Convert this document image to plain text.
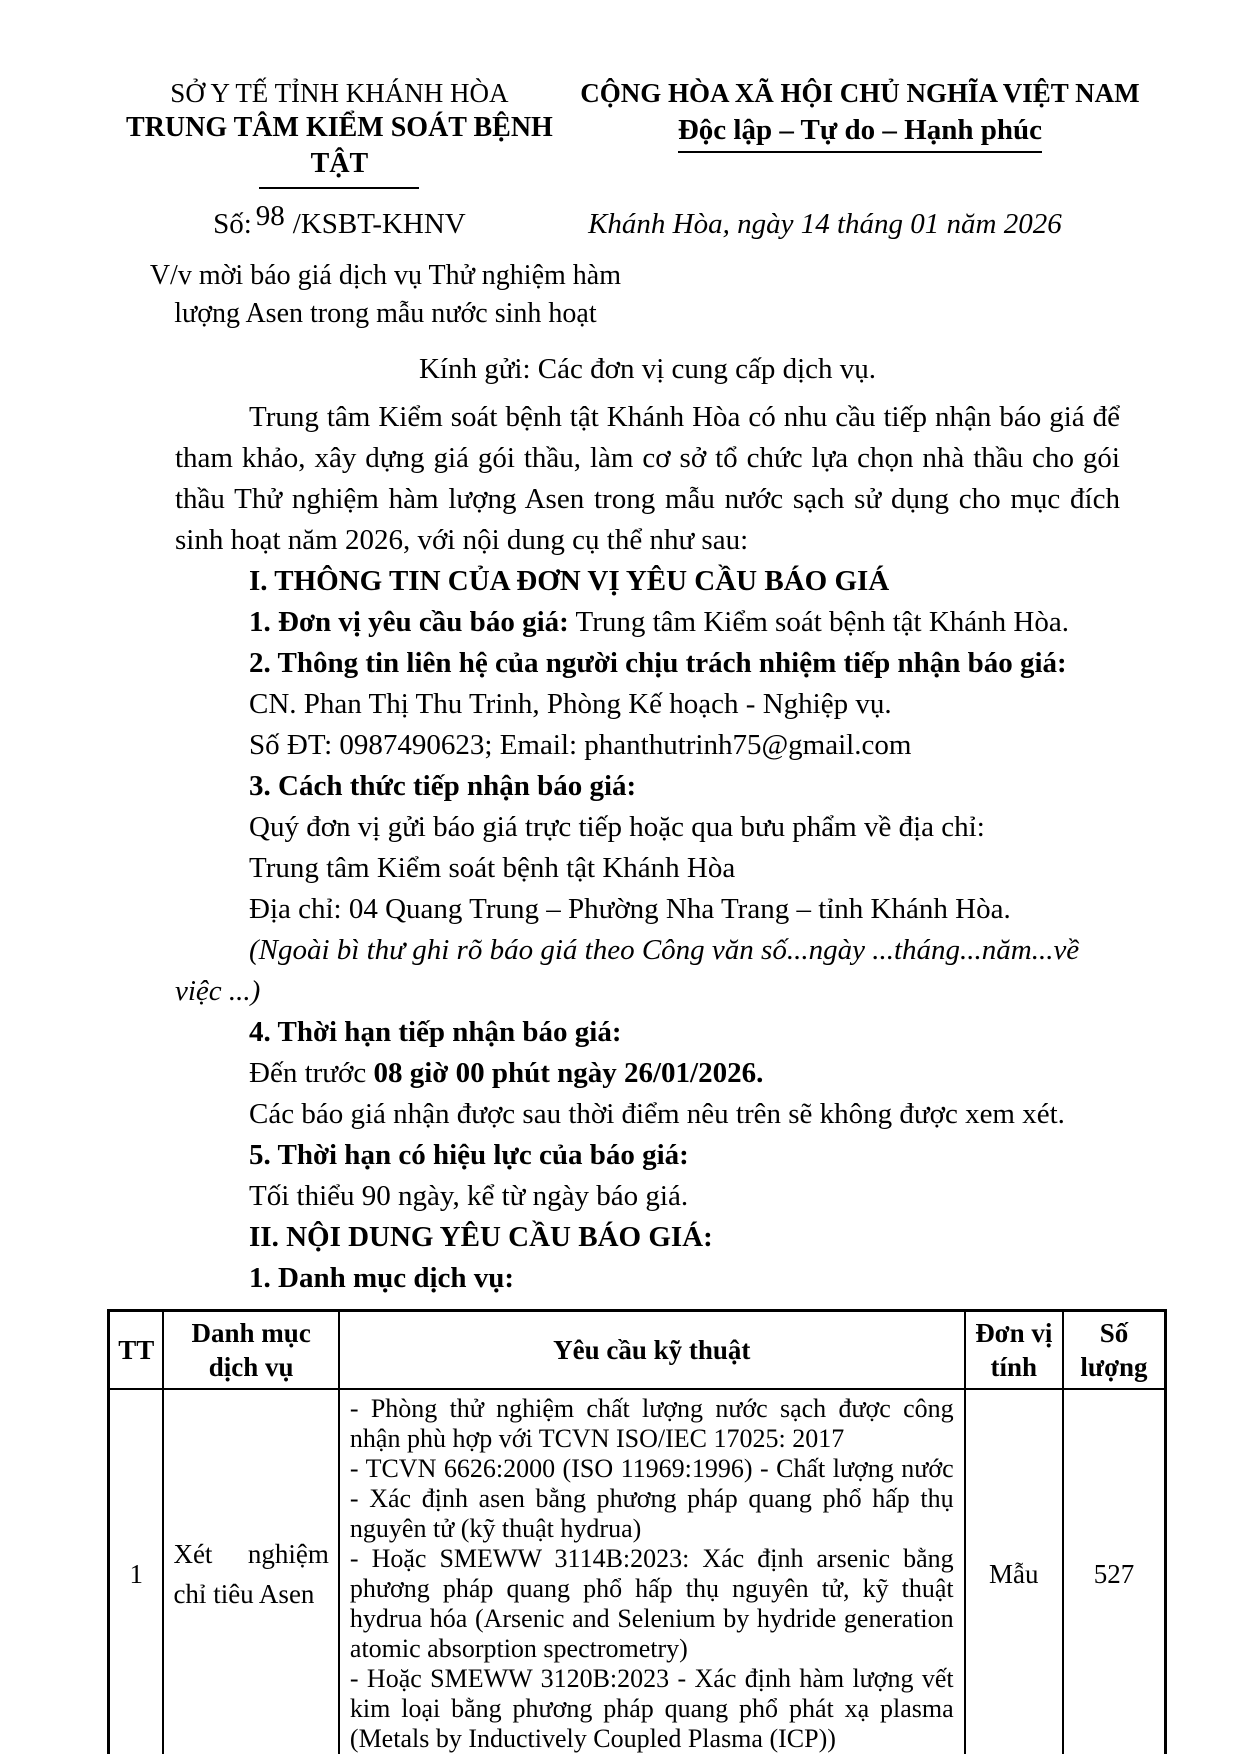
SỞ Y TẾ TỈNH KHÁNH HÒA
TRUNG TÂM KIỂM SOÁT BỆNH TẬT
CỘNG HÒA XÃ HỘI CHỦ NGHĨA VIỆT NAM
Độc lập – Tự do – Hạnh phúc
Số: 98 /KSBT-KHNV	Khánh Hòa, ngày 14 tháng 01 năm 2026
V/v mời báo giá dịch vụ Thử nghiệm hàm
lượng Asen trong mẫu nước sinh hoạt
Kính gửi: Các đơn vị cung cấp dịch vụ.

Trung tâm Kiểm soát bệnh tật Khánh Hòa có nhu cầu tiếp nhận báo giá để tham khảo, xây dựng giá gói thầu, làm cơ sở tổ chức lựa chọn nhà thầu cho gói thầu Thử nghiệm hàm lượng Asen trong mẫu nước sạch sử dụng cho mục đích sinh hoạt năm 2026, với nội dung cụ thể như sau:

I. THÔNG TIN CỦA ĐƠN VỊ YÊU CẦU BÁO GIÁ
1. Đơn vị yêu cầu báo giá: Trung tâm Kiểm soát bệnh tật Khánh Hòa.
2. Thông tin liên hệ của người chịu trách nhiệm tiếp nhận báo giá:
CN. Phan Thị Thu Trinh, Phòng Kế hoạch - Nghiệp vụ.
Số ĐT: 0987490623; Email: phanthutrinh75@gmail.com
3. Cách thức tiếp nhận báo giá:
Quý đơn vị gửi báo giá trực tiếp hoặc qua bưu phẩm về địa chỉ:
Trung tâm Kiểm soát bệnh tật Khánh Hòa
Địa chỉ: 04 Quang Trung – Phường Nha Trang – tỉnh Khánh Hòa.
(Ngoài bì thư ghi rõ báo giá theo Công văn số...ngày ...tháng...năm...về việc ...)
4. Thời hạn tiếp nhận báo giá:
Đến trước 08 giờ 00 phút ngày 26/01/2026.
Các báo giá nhận được sau thời điểm nêu trên sẽ không được xem xét.
5. Thời hạn có hiệu lực của báo giá:
Tối thiểu 90 ngày, kể từ ngày báo giá.
II. NỘI DUNG YÊU CẦU BÁO GIÁ:
1. Danh mục dịch vụ:
TT	Danh mục dịch vụ	Yêu cầu kỹ thuật	Đơn vị tính	Số lượng
1	Xét nghiệm chỉ tiêu Asen	- Phòng thử nghiệm chất lượng nước sạch được công nhận phù hợp với TCVN ISO/IEC 17025: 2017
- TCVN 6626:2000 (ISO 11969:1996) - Chất lượng nước - Xác định asen bằng phương pháp quang phổ hấp thụ nguyên tử (kỹ thuật hydrua)
- Hoặc SMEWW 3114B:2023: Xác định arsenic bằng phương pháp quang phổ hấp thụ nguyên tử, kỹ thuật hydrua hóa (Arsenic and Selenium by hydride generation atomic absorption spectrometry)
- Hoặc SMEWW 3120B:2023 - Xác định hàm lượng vết kim loại bằng phương pháp quang phổ phát xạ plasma (Metals by Inductively Coupled Plasma (ICP))	Mẫu	527
